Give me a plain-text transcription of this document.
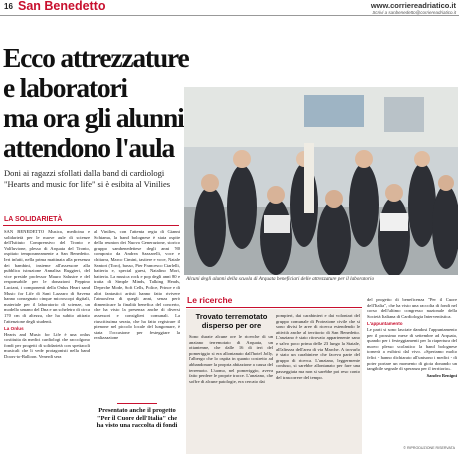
16 San Benedetto	www.corriereadriatico.it
Scrivi a sanbenedetto@corriereadriatico.it
Ecco attrezzature
e laboratori
ma ora gli alunni
attendono l'aula
Doni ai ragazzi sfollati dalla band di cardiologi "Hearts and music for life" si è esibita al Vinilies
LA SOLIDARIETÀ

SAN BENEDETTO Musica, medicina e solidarietà per le nuove aule di scienze dell'Istituto Comprensivo del Tronto e Valfluvione, plesso di Arquata del Tronto, ospitato temporaneamente a San Benedetto. Ieri infatti, nella prima mattinata alla presenza dei bambini, insieme all'assessore alla pubblica istruzione Annalisa Ruggieri, del vice preside professor Mauro Salustre e del responsabile per le donazioni Peppino Luciani, i componenti della Onlus Heart sand Music for Life di Sani Lazzaro di Savena hanno consegnato cinque microscopi digitali, materiale per il laboratorio di scienze, un modello umano del Dna e un scheletro di circa 170 cm di altezza, che ha subito attirato l'attenzione degli studenti.

La Onlus

Hearts and Music for Life è una onlus costituita da medici cardiologi che raccolgono fondi per progetti di solidarietà con spettacoli musicali che li vede protagonisti nella band Doors-to-Balloon. Venerdì sera

al Vinilies, con l'attenta regia di Gianni Schiama, la band bolognese è stata ospite della reunion dei Nuova Generazione, storico gruppo sambenedettese degli anni '80 composto da Andrea Sazzarelli, voce e chitarra, Marco Cimini, tastiere e voce, Natale Santori (Toro), basso, Pier Francesco Ciarlelli, batteria e, special guest, Natalino Mori, batteria. La musica rock e pop degli anni 80 e tratta di Simple Minds, Talking Heads, Depeche Mode, Soft Cells, Police, Prince e di altri fantastici artisti hanno fatto rivivere l'atmosfera di quegli anni, senza però dimenticare la finalità benefica del concerto, che ha visto la presenza anche di diversi assessori e consiglieri comunali. La riuscitissima serata, che ha fatto registrare il pienone nel piccolo locale del lungomare, è stata l'occasione per festeggiare la realizzazione

Presentato anche il progetto "Per il Cuore dell'Italia" che ha visto una raccolta di fondi
Alcuni degli alunni della scuola di Arquata beneficiari delle attrezzature per il laboratorio
Le ricerche
Trovato terremotato disperso per ore

Sono durate alcune ore le ricerche di un anziano terremotato di Arquata, un ottantenne, che dalle 16 di ieri del pomeriggio si era allontanato dall'hotel Jolly, l'albergo che lo ospita in quanto costretto ad abbandonare la propria abitazione a causa del terremoto. L'uomo, nel pomeriggio, aveva fatto perdere le proprie tracce. L'anziano, che soffre di alcune patologie, era cercato dai

pompieri, dai carabinieri e dai volontari del gruppo comunale di Protezione civile che si sono divisi le aree di ricerca estendendo le attività anche al territorio di San Benedetto. L'anziano è stato ritrovato appartenente sano e salvo poco prima delle 23 lungo la Statale, all'altezza dell'area di via Marche. A trovarlo è stato un carabiniere che faceva parte del gruppo di ricerca. L'anziano, leggermente confuso, si sarebbe allontanato per fare una passeggiata ma non si sarebbe poi reso conto del trascorrere del tempo.

del progetto di beneficenza "Per il Cuore dell'Italia", che ha visto una raccolta di fondi nel corso dell'ultimo congresso nazionale della Società Italiana di Cardiologia Interventistica.

L'appuntamento

Le parti si sono lasciate dandosi l'appuntamento per il prossimo mese di settembre ad Arquata, quando per i festeggiamenti per la riapertura del nuovo plesso scolastico la band bolognese tornerà a esibirsi dal vivo. «Speriamo molto felici - hanno dichiarato all'unisono i medici - di poter portare un momento di gioia donando un tangibile segnale di speranza per il territorio».

Sandro Benigni

© RIPRODUZIONE RISERVATA
